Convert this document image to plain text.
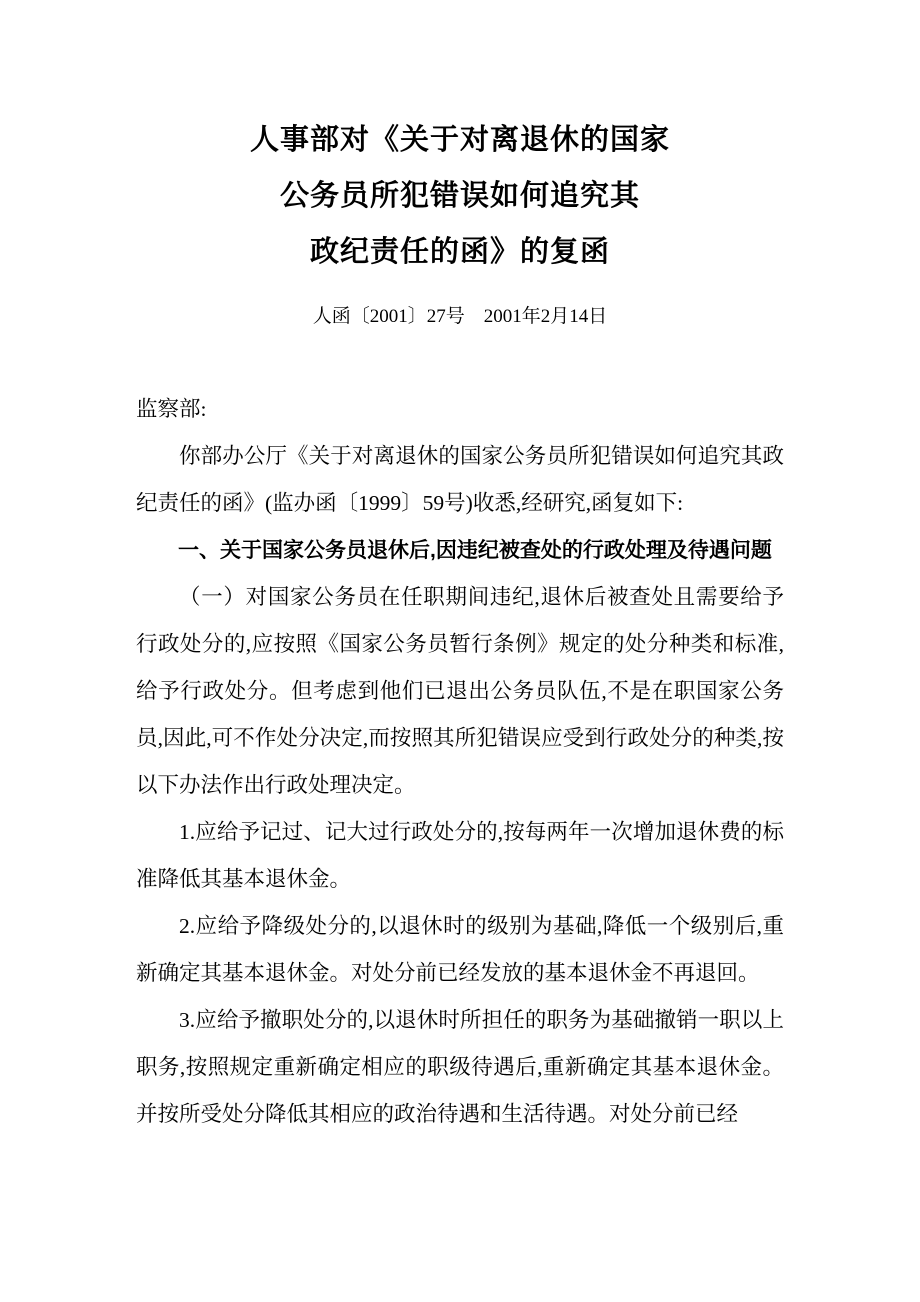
人事部对《关于对离退休的国家
公务员所犯错误如何追究其
政纪责任的函》的复函
人函〔2001〕27号　2001年2月14日

监察部:

你部办公厅《关于对离退休的国家公务员所犯错误如何追究其政纪责任的函》(监办函〔1999〕59号)收悉,经研究,函复如下:

一、关于国家公务员退休后,因违纪被查处的行政处理及待遇问题

（一）对国家公务员在任职期间违纪,退休后被查处且需要给予行政处分的,应按照《国家公务员暂行条例》规定的处分种类和标准,给予行政处分。但考虑到他们已退出公务员队伍,不是在职国家公务员,因此,可不作处分决定,而按照其所犯错误应受到行政处分的种类,按以下办法作出行政处理决定。

1.应给予记过、记大过行政处分的,按每两年一次增加退休费的标准降低其基本退休金。

2.应给予降级处分的,以退休时的级别为基础,降低一个级别后,重新确定其基本退休金。对处分前已经发放的基本退休金不再退回。

3.应给予撤职处分的,以退休时所担任的职务为基础撤销一职以上职务,按照规定重新确定相应的职级待遇后,重新确定其基本退休金。并按所受处分降低其相应的政治待遇和生活待遇。对处分前已经
